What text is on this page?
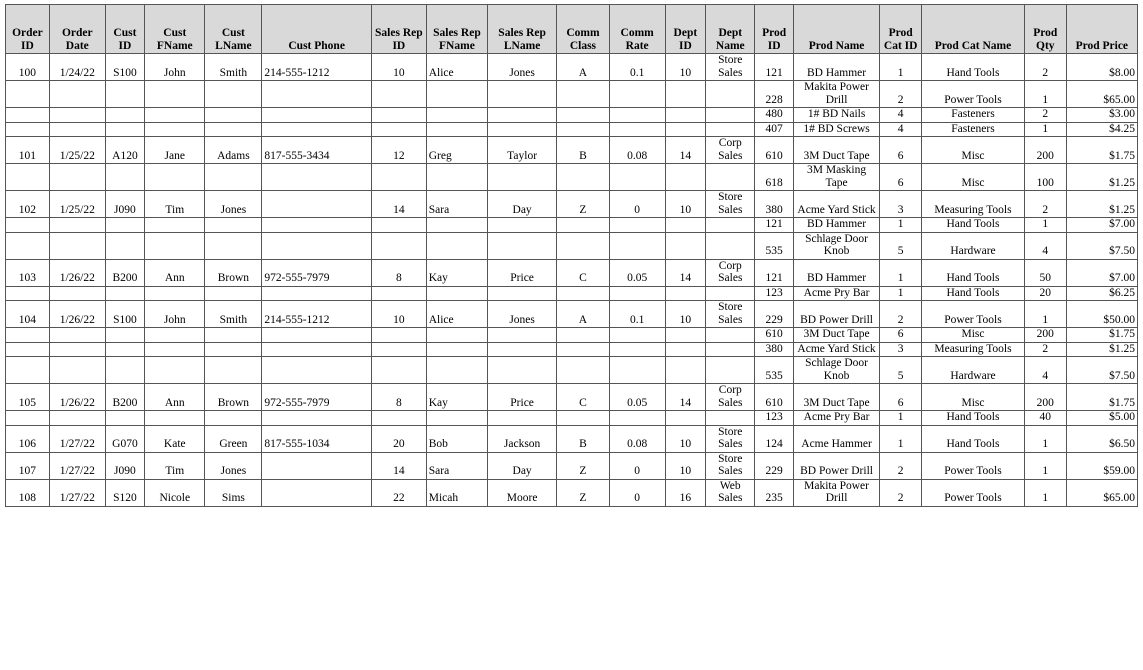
Order ID	Order Date	Cust ID	Cust FName	Cust LName	Cust Phone	Sales Rep ID	Sales Rep FName	Sales Rep LName	Comm Class	Comm Rate	Dept ID	Dept Name	Prod ID	Prod Name	Prod Cat ID	Prod Cat Name	Prod Qty	Prod Price
100	1/24/22	S100	John	Smith	214-555-1212	10	Alice	Jones	A	0.1	10	Store Sales	121	BD Hammer	1	Hand Tools	2	$8.00
													228	Makita Power Drill	2	Power Tools	1	$65.00
													480	1# BD Nails	4	Fasteners	2	$3.00
													407	1# BD Screws	4	Fasteners	1	$4.25
101	1/25/22	A120	Jane	Adams	817-555-3434	12	Greg	Taylor	B	0.08	14	Corp Sales	610	3M Duct Tape	6	Misc	200	$1.75
													618	3M Masking Tape	6	Misc	100	$1.25
102	1/25/22	J090	Tim	Jones		14	Sara	Day	Z	0	10	Store Sales	380	Acme Yard Stick	3	Measuring Tools	2	$1.25
													121	BD Hammer	1	Hand Tools	1	$7.00
													535	Schlage Door Knob	5	Hardware	4	$7.50
103	1/26/22	B200	Ann	Brown	972-555-7979	8	Kay	Price	C	0.05	14	Corp Sales	121	BD Hammer	1	Hand Tools	50	$7.00
													123	Acme Pry Bar	1	Hand Tools	20	$6.25
104	1/26/22	S100	John	Smith	214-555-1212	10	Alice	Jones	A	0.1	10	Store Sales	229	BD Power Drill	2	Power Tools	1	$50.00
													610	3M Duct Tape	6	Misc	200	$1.75
													380	Acme Yard Stick	3	Measuring Tools	2	$1.25
													535	Schlage Door Knob	5	Hardware	4	$7.50
105	1/26/22	B200	Ann	Brown	972-555-7979	8	Kay	Price	C	0.05	14	Corp Sales	610	3M Duct Tape	6	Misc	200	$1.75
													123	Acme Pry Bar	1	Hand Tools	40	$5.00
106	1/27/22	G070	Kate	Green	817-555-1034	20	Bob	Jackson	B	0.08	10	Store Sales	124	Acme Hammer	1	Hand Tools	1	$6.50
107	1/27/22	J090	Tim	Jones		14	Sara	Day	Z	0	10	Store Sales	229	BD Power Drill	2	Power Tools	1	$59.00
108	1/27/22	S120	Nicole	Sims		22	Micah	Moore	Z	0	16	Web Sales	235	Makita Power Drill	2	Power Tools	1	$65.00
